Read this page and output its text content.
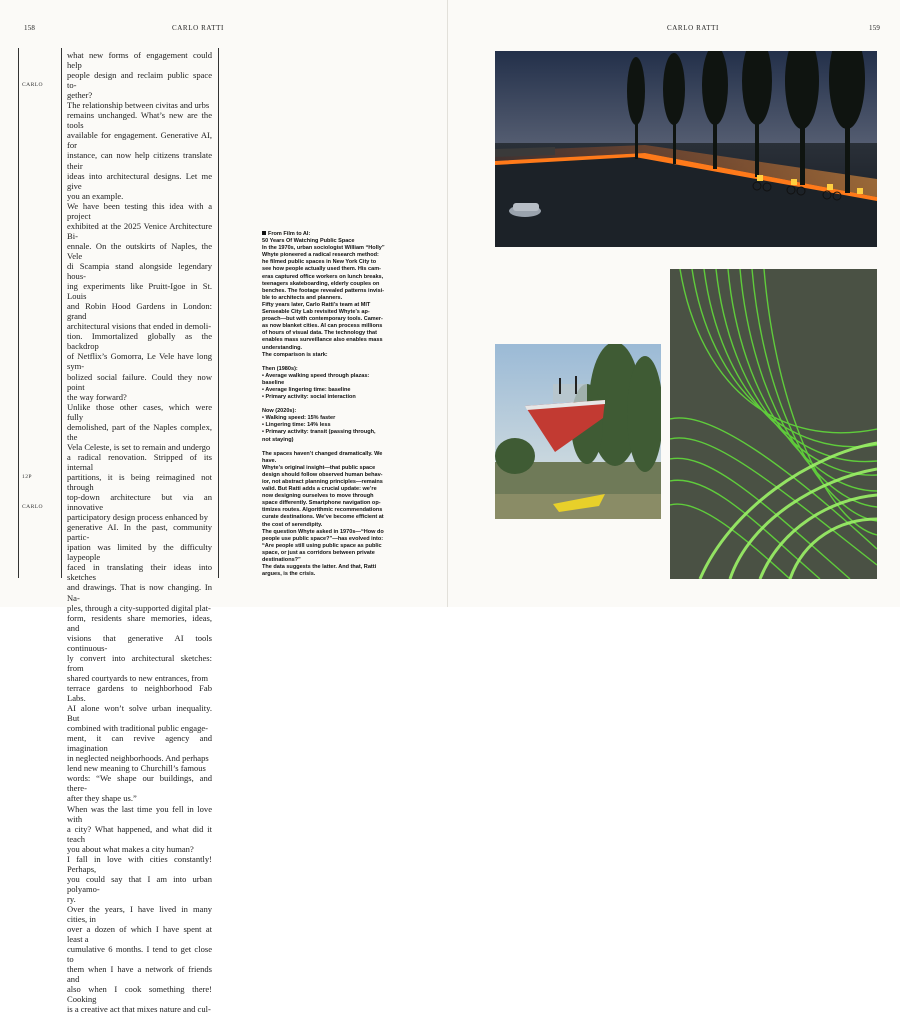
158	CARLO RATTI
CARLO
12P
CARLO

what new forms of engagement could help

people design and reclaim public space to-

gether?

The relationship between civitas and urbs

remains unchanged. What’s new are the tools

available for engagement. Generative AI, for

instance, can now help citizens translate their

ideas into architectural designs. Let me give

you an example.

We have been testing this idea with a project

exhibited at the 2025 Venice Architecture Bi-

ennale. On the outskirts of Naples, the Vele

di Scampia stand alongside legendary hous-

ing experiments like Pruitt-Igoe in St. Louis

and Robin Hood Gardens in London: grand

architectural visions that ended in demoli-

tion. Immortalized globally as the backdrop

of Netflix’s Gomorra, Le Vele have long sym-

bolized social failure. Could they now point

the way forward?

Unlike those other cases, which were fully

demolished, part of the Naples complex, the

Vela Celeste, is set to remain and undergo

a radical renovation. Stripped of its internal

partitions, it is being reimagined not through

top-down architecture but via an innovative

participatory design process enhanced by

generative AI. In the past, community partic-

ipation was limited by the difficulty laypeople

faced in translating their ideas into sketches

and drawings. That is now changing. In Na-

ples, through a city-supported digital plat-

form, residents share memories, ideas, and

visions that generative AI tools continuous-

ly convert into architectural sketches: from

shared courtyards to new entrances, from

terrace gardens to neighborhood Fab Labs.

AI alone won’t solve urban inequality. But

combined with traditional public engage-

ment, it can revive agency and imagination

in neglected neighborhoods. And perhaps

lend new meaning to Churchill’s famous

words: “We shape our buildings, and there-

after they shape us.”

When was the last time you fell in love with

a city? What happened, and what did it teach

you about what makes a city human?

I fall in love with cities constantly! Perhaps,

you could say that I am into urban polyamo-

ry.

Over the years, I have lived in many cities, in

over a dozen of which I have spent at least a

cumulative 6 months. I tend to get close to

them when I have a network of friends and

also when I cook something there! Cooking

is a creative act that mixes nature and cul-

From Film to AI:

50 Years Of Watching Public Space

In the 1970s, urban sociologist William “Holly”

Whyte pioneered a radical research method:

he filmed public spaces in New York City to

see how people actually used them. His cam-

eras captured office workers on lunch breaks,

teenagers skateboarding, elderly couples on

benches. The footage revealed patterns invisi-

ble to architects and planners.

Fifty years later, Carlo Ratti’s team at MIT

Senseable City Lab revisited Whyte’s ap-

proach—but with contemporary tools. Camer-

as now blanket cities. AI can process millions

of hours of visual data. The technology that

enables mass surveillance also enables mass

understanding.

The comparison is stark:

Then (1980s):

• Average walking speed through plazas:

baseline

• Average lingering time: baseline

• Primary activity: social interaction

Now (2020s):

• Walking speed: 15% faster

• Lingering time: 14% less

• Primary activity: transit (passing through,

not staying)

The spaces haven’t changed dramatically. We

have.

Whyte’s original insight—that public space

design should follow observed human behav-

ior, not abstract planning principles—remains

valid. But Ratti adds a crucial update: we’re

now designing ourselves to move through

space differently. Smartphone navigation op-

timizes routes. Algorithmic recommendations

curate destinations. We’ve become efficient at

the cost of serendipity.

The question Whyte asked in 1970s—“How do

people use public space?”—has evolved into:

“Are people still using public space as public

space, or just as corridors between private

destinations?”

The data suggests the latter. And that, Ratti

argues, is the crisis.

CARLO RATTI	159
